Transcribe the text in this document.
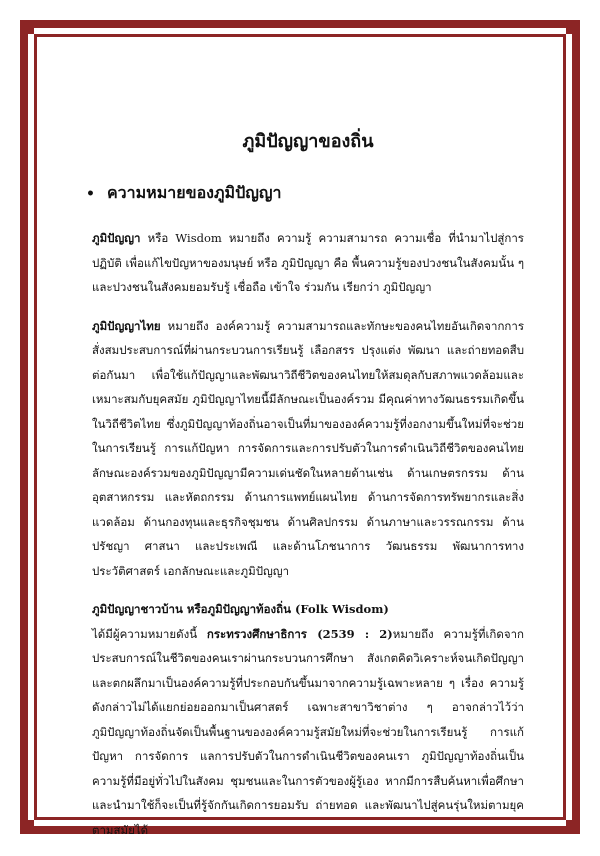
ภูมิปัญญาของถิ่น
• ความหมายของภูมิปัญญา

ภูมิปัญญา หรือ Wisdom หมายถึง ความรู้ ความสามารถ ความเชื่อ ที่นำมาไปสู่การปฏิบัติ เพื่อแก้ไขปัญหาของมนุษย์ หรือ ภูมิปัญญา คือ พื้นความรู้ของปวงชนในสังคมนั้น ๆ และปวงชนในสังคมยอมรับรู้ เชื่อถือ เข้าใจ ร่วมกัน เรียกว่า ภูมิปัญญา

ภูมิปัญญาไทย หมายถึง องค์ความรู้ ความสามารถและทักษะของคนไทยอันเกิดจากการสั่งสมประสบการณ์ที่ผ่านกระบวนการเรียนรู้ เลือกสรร ปรุงแต่ง พัฒนา และถ่ายทอดสืบต่อกันมา เพื่อใช้แก้ปัญญาและพัฒนาวิถีชีวิตของคนไทยให้สมดุลกับสภาพแวดล้อมและเหมาะสมกับยุคสมัย ภูมิปัญญาไทยนี้มีลักษณะเป็นองค์รวม มีคุณค่าทางวัฒนธรรมเกิดขึ้นในวิถีชีวิตไทย ซึ่งภูมิปัญญาท้องถิ่นอาจเป็นที่มาขององค์ความรู้ที่งอกงามขึ้นใหม่ที่จะช่วยในการเรียนรู้ การแก้ปัญหา การจัดการและการปรับตัวในการดำเนินวิถีชีวิตของคนไทย ลักษณะองค์รวมของภูมิปัญญามีความเด่นชัดในหลายด้านเช่น ด้านเกษตรกรรม ด้านอุตสาหกรรม และหัตถกรรม ด้านการแพทย์แผนไทย ด้านการจัดการทรัพยากรและสิ่งแวดล้อม ด้านกองทุนและธุรกิจชุมชน ด้านศิลปกรรม ด้านภาษาและวรรณกรรม ด้านปรัชญา ศาสนา และประเพณี และด้านโภชนาการ วัฒนธรรม พัฒนาการทางประวัติศาสตร์ เอกลักษณะและภูมิปัญญา

ภูมิปัญญาชาวบ้าน หรือภูมิปัญญาท้องถิ่น (Folk Wisdom)

ได้มีผู้ความหมายดังนี้ กระทรวงศึกษาธิการ (2539 : 2)หมายถึง ความรู้ที่เกิดจากประสบการณ์ในชีวิตของคนเราผ่านกระบวนการศึกษา สังเกตคิดวิเคราะห์จนเกิดปัญญา และตกผลึกมาเป็นองค์ความรู้ที่ประกอบกันขึ้นมาจากความรู้เฉพาะหลาย ๆ เรื่อง ความรู้ดังกล่าวไม่ได้แยกย่อยออกมาเป็นศาสตร์ เฉพาะสาขาวิชาต่าง ๆ อาจกล่าวไว้ว่า ภูมิปัญญาท้องถิ่นจัดเป็นพื้นฐานขององค์ความรู้สมัยใหม่ที่จะช่วยในการเรียนรู้ การแก้ปัญหา การจัดการ แลการปรับตัวในการดำเนินชีวิตของคนเรา ภูมิปัญญาท้องถิ่นเป็นความรู้ที่มีอยู่ทั่วไปในสังคม ชุมชนและในการตัวของผู้รู้เอง หากมีการสืบค้นหาเพื่อศึกษา และนำมาใช้ก็จะเป็นที่รู้จักกันเกิดการยอมรับ ถ่ายทอด และพัฒนาไปสู่คนรุ่นใหม่ตามยุคตามสมัยได้
